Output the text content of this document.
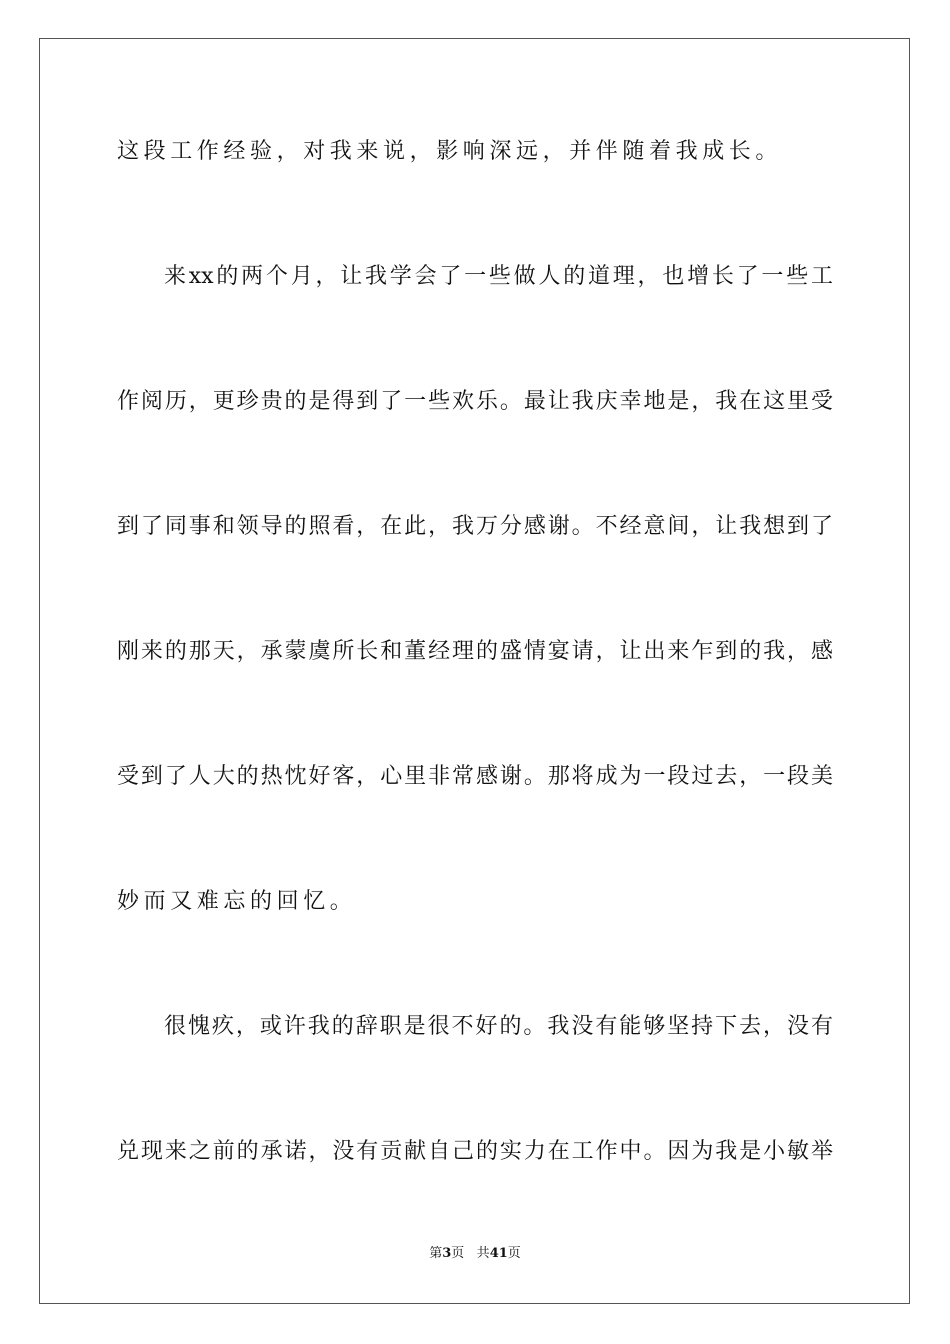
这段工作经验，对我来说，影响深远，并伴随着我成长。
来xx的两个月，让我学会了一些做人的道理，也增长了一些工
作阅历，更珍贵的是得到了一些欢乐。最让我庆幸地是，我在这里受
到了同事和领导的照看，在此，我万分感谢。不经意间，让我想到了
刚来的那天，承蒙虞所长和董经理的盛情宴请，让出来乍到的我，感
受到了人大的热忱好客，心里非常感谢。那将成为一段过去，一段美
妙而又难忘的回忆。
很愧疚，或许我的辞职是很不好的。我没有能够坚持下去，没有
兑现来之前的承诺，没有贡献自己的实力在工作中。因为我是小敏举
第3页 共41页
